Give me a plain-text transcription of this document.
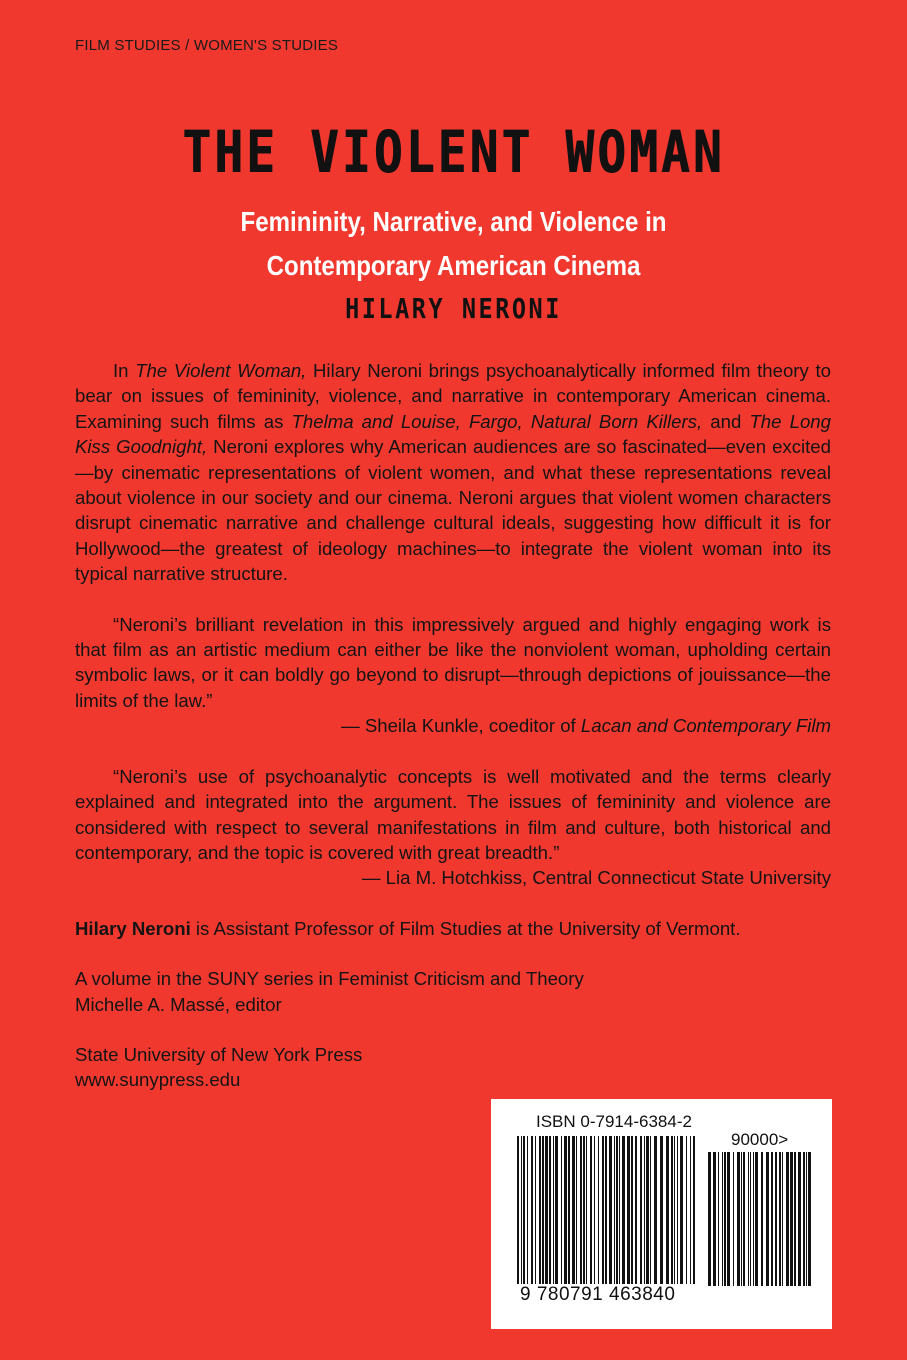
FILM STUDIES / WOMEN'S STUDIES
THE VIOLENT WOMAN
Femininity, Narrative, and Violence in
Contemporary American Cinema
HILARY NERONI

In The Violent Woman, Hilary Neroni brings psychoanalytically informed film theory to bear on issues of femininity, violence, and narrative in contemporary American cinema. Examining such films as Thelma and Louise, Fargo, Natural Born Killers, and The Long Kiss Goodnight, Neroni explores why American audiences are so fascinated—even excited—by cinematic representations of violent women, and what these representations reveal about violence in our society and our cinema. Neroni argues that violent women characters disrupt cinematic narrative and challenge cultural ideals, suggesting how difficult it is for Hollywood—the greatest of ideology machines—to integrate the violent woman into its typical narrative structure.

“Neroni’s brilliant revelation in this impressively argued and highly engaging work is that film as an artistic medium can either be like the nonviolent woman, upholding certain symbolic laws, or it can boldly go beyond to disrupt—through depictions of jouissance—the limits of the law.”

— Sheila Kunkle, coeditor of Lacan and Contemporary Film

“Neroni’s use of psychoanalytic concepts is well motivated and the terms clearly explained and integrated into the argument. The issues of femininity and violence are considered with respect to several manifestations in film and culture, both historical and contemporary, and the topic is covered with great breadth.”

— Lia M. Hotchkiss, Central Connecticut State University

Hilary Neroni is Assistant Professor of Film Studies at the University of Vermont.

A volume in the SUNY series in Feminist Criticism and Theory

Michelle A. Massé, editor

State University of New York Press

www.sunypress.edu

ISBN 0-7914-6384-2
90000>
9 780791 463840
